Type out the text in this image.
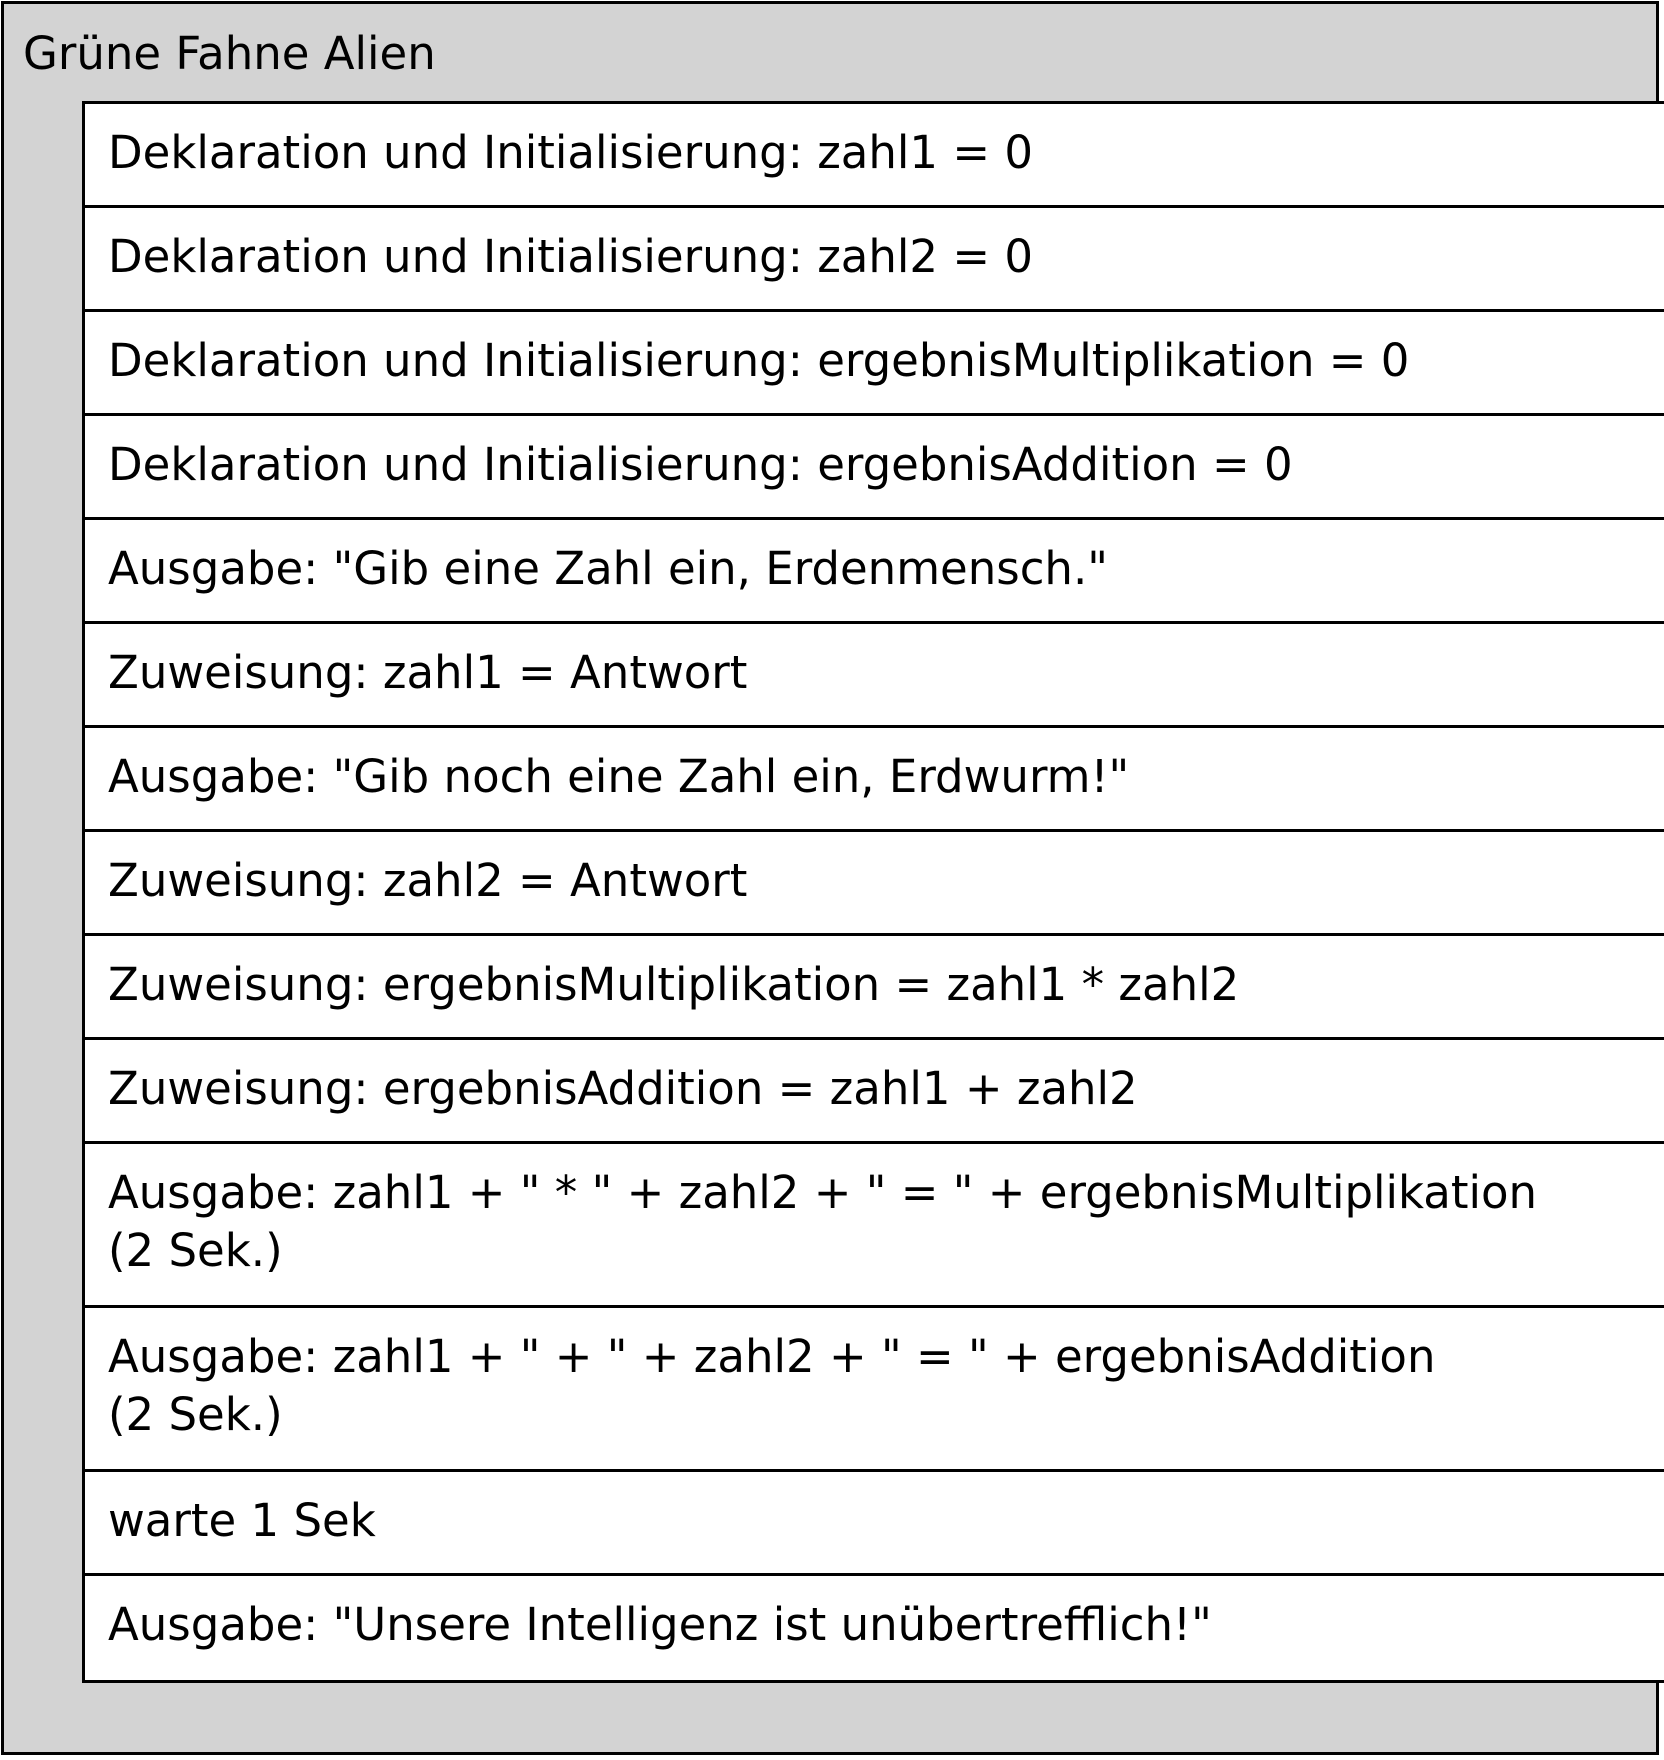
Grüne Fahne Alien
Deklaration und Initialisierung: zahl1 = 0
Deklaration und Initialisierung: zahl2 = 0
Deklaration und Initialisierung: ergebnisMultiplikation = 0
Deklaration und Initialisierung: ergebnisAddition = 0
Ausgabe: "Gib eine Zahl ein, Erdenmensch."
Zuweisung: zahl1 = Antwort
Ausgabe: "Gib noch eine Zahl ein, Erdwurm!"
Zuweisung: zahl2 = Antwort
Zuweisung: ergebnisMultiplikation = zahl1 * zahl2
Zuweisung: ergebnisAddition = zahl1 + zahl2
Ausgabe: zahl1 + " * " + zahl2 + " = " + ergebnisMultiplikation
(2 Sek.)
Ausgabe: zahl1 + " + " + zahl2 + " = " + ergebnisAddition
(2 Sek.)
warte 1 Sek
Ausgabe: "Unsere Intelligenz ist unübertrefflich!"
